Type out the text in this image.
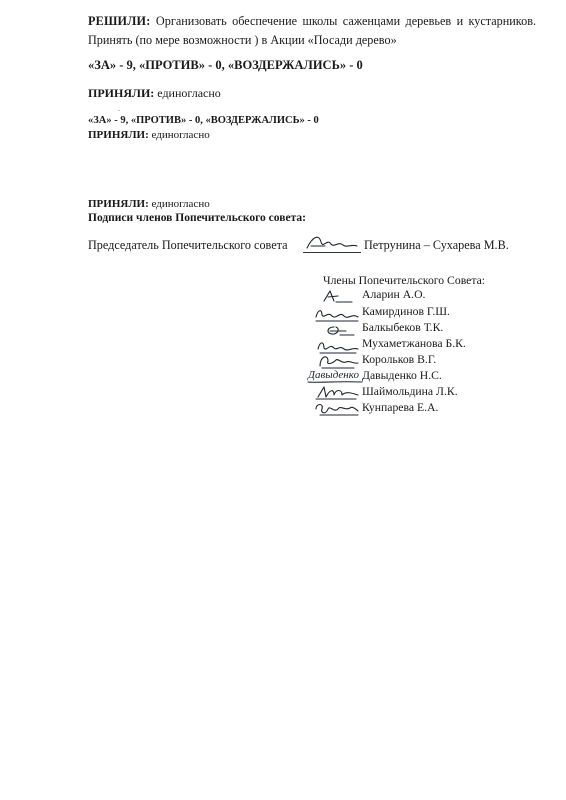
РЕШИЛИ: Организовать обеспечение школы саженцами деревьев и кустарников. Принять (по мере возможности ) в Акции «Посади дерево»
«ЗА» - 9, «ПРОТИВ» - 0, «ВОЗДЕРЖАЛИСЬ» - 0
ПРИНЯЛИ: единогласно
.
«ЗА» - 9, «ПРОТИВ» - 0, «ВОЗДЕРЖАЛИСЬ» - 0
ПРИНЯЛИ: единогласно
ПРИНЯЛИ: единогласно
Подписи членов Попечительского совета:
Председатель Попечительского совета	Петрунина – Сухарева М.В.
Члены Попечительского Совета:
Аларин А.О.
Камирдинов Г.Ш.
Балкыбеков Т.К.
Мухаметжанова Б.К.
Корольков В.Г.
Давыденко Давыденко Н.С.
Шаймольдина Л.К.
Кунпарева Е.А.
